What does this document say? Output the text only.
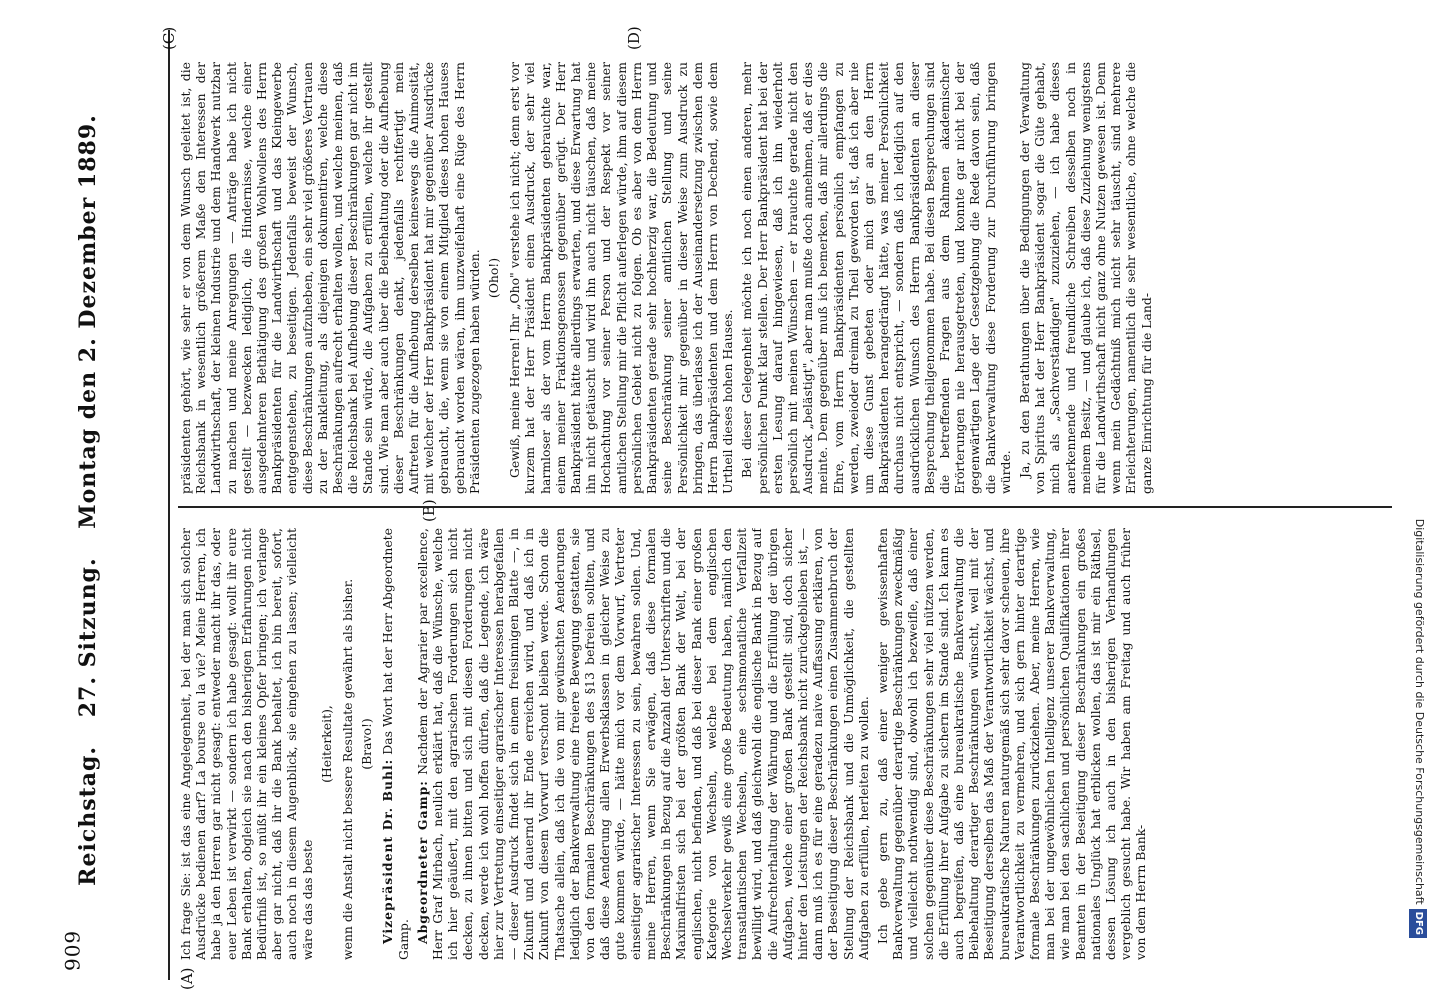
606
Reichstag. 27. Sitzung. Montag den 2. Dezember 1889.
(A)
(B)
(C)	(D)

Ich frage Sie: ist das eine Angelegenheit, bei der man sich solcher Ausdrücke bedienen darf? La bourse ou la vie? Meine Herren, ich habe ja den Herren gar nicht gesagt: entweder macht ihr das, oder euer Leben ist verwirkt — sondern ich habe gesagt: wollt ihr eure Bank erhalten, obgleich sie nach den bisherigen Erfahrungen nicht Bedürfniß ist, so müßt ihr ein kleines Opfer bringen; ich verlange aber gar nicht, daß ihr die Bank behaltet, ich bin bereit, sofort, auch noch in diesem Augenblick, sie eingehen zu lassen; vielleicht wäre das das beste

(Heiterkeit), wenn die Anstalt nicht bessere Resultate gewährt als bisher. (Bravo!)

Vizepräsident Dr. Buhl: Das Wort hat der Herr Abgeordnete Gamp. Abgeordneter Gamp: Nachdem der Agrarier par excellence, Herr Graf Mirbach, neulich erklärt hat, daß die Wünsche, welche ich hier geäußert, mit den agrarischen Forderungen sich nicht decken, zu ihnen bitten und sich mit diesen Forderungen nicht decken, werde ich wohl hoffen dürfen, daß die Legende, ich wäre hier zur Vertretung einseitiger agrarischer Interessen herabgefallen — dieser Ausdruck findet sich in einem freisinnigen Blatte —, in Zukunft und dauernd ihr Ende erreichen wird, und daß ich in Zukunft von diesem Vorwurf verschont bleiben werde. Schon die Thatsache allein, daß ich die von mir gewünschten Aenderungen lediglich der Bankverwaltung eine freiere Bewegung gestatten, sie von den formalen Beschränkungen des §13 befreien sollten, und daß diese Aenderung allen Erwerbsklassen in gleicher Weise zu gute kommen würde, — hätte mich vor dem Vorwurf, Vertreter einseitiger agrarischer Interessen zu sein, bewahren sollen. Und, meine Herren, wenn Sie erwägen, daß diese formalen Beschränkungen in Bezug auf die Anzahl der Unterschriften und die Maximalfristen sich bei der größten Bank der Welt, bei der englischen, nicht befinden, und daß bei dieser Bank einer großen Kategorie von Wechseln, welche bei dem englischen Wechselverkehr gewiß eine große Bedeutung haben, nämlich den transatlantischen Wechseln, eine sechsmonatliche Verfallzeit bewilligt wird, und daß gleichwohl die englische Bank in Bezug auf die Aufrechterhaltung der Währung und die Erfüllung der übrigen Aufgaben, welche einer großen Bank gestellt sind, doch sicher hinter den Leistungen der Reichsbank nicht zurückgeblieben ist, — dann muß ich es für eine geradezu naive Auffassung erklären, von der Beseitigung dieser Beschränkungen einen Zusammenbruch der Stellung der Reichsbank und die Unmöglichkeit, die gestellten Aufgaben zu erfüllen, herleiten zu wollen. Ich gebe gern zu, daß einer weniger gewissenhaften Bankverwaltung gegenüber derartige Beschränkungen zweckmäßig und vielleicht nothwendig sind, obwohl ich bezweifle, daß einer solchen gegenüber diese Beschränkungen sehr viel nützen werden, die Erfüllung ihrer Aufgabe zu sichern im Stande sind. Ich kann es auch begreifen, daß eine bureaukratische Bankverwaltung die Beibehaltung derartiger Beschränkungen wünscht, weil mit der Beseitigung derselben das Maß der Verantwortlichkeit wächst, und bureaukratische Naturen naturgemäß sich sehr davor scheuen, ihre Verantwortlichkeit zu vermehren, und sich gern hinter derartige formale Beschränkungen zurückziehen. Aber, meine Herren, wie man bei der ungewöhnlichen Intelligenz unserer Bankverwaltung, wie man bei den sachlichen und persönlichen Qualifikationen ihrer Beamten in der Beseitigung dieser Beschränkungen ein großes nationales Unglück hat erblicken wollen, das ist mir ein Räthsel, dessen Lösung ich auch in den bisherigen Verhandlungen vergeblich gesucht habe. Wir haben am Freitag und auch früher von dem Herrn Bank-

präsidenten gehört, wie sehr er von dem Wunsch geleitet ist, die Reichsbank in wesentlich größerem Maße den Interessen der Landwirthschaft, der kleinen Industrie und dem Handwerk nutzbar zu machen und meine Anregungen — Anträge habe ich nicht gestellt — bezwecken lediglich, die Hindernisse, welche einer ausgedehnteren Bethätigung des großen Wohlwollens des Herrn Bankpräsidenten für die Landwirthschaft und das Kleingewerbe entgegenstehen, zu beseitigen. Jedenfalls beweist der Wunsch, diese Beschränkungen aufzuheben, ein sehr viel größeres Vertrauen zu der Bankleitung, als diejenigen dokumentiren, welche diese Beschränkungen aufrecht erhalten wollen, und welche meinen, daß die Reichsbank bei Aufhebung dieser Beschränkungen gar nicht im Stande sein würde, die Aufgaben zu erfüllen, welche ihr gestellt sind. Wie man aber auch über die Beibehaltung oder die Aufhebung dieser Beschränkungen denkt, jedenfalls rechtfertigt mein Auftreten für die Aufhebung derselben keineswegs die Animosität, mit welcher der Herr Bankpräsident hat mir gegenüber Ausdrücke gebraucht, die, wenn sie von einem Mitglied dieses hohen Hauses gebraucht worden wären, ihm unzweifelhaft eine Rüge des Herrn Präsidenten zugezogen haben würden. (Oho!) Gewiß, meine Herren! Ihr „Oho" verstehe ich nicht; denn erst vor kurzem hat der Herr Präsident einen Ausdruck, der sehr viel harmloser als der vom Herrn Bankpräsidenten gebrauchte war, einem meiner Fraktionsgenossen gegenüber gerügt. Der Herr Bankpräsident hätte allerdings erwarten, und diese Erwartung hat ihn nicht getäuscht und wird ihn auch nicht täuschen, daß meine Hochachtung vor seiner Person und der Respekt vor seiner amtlichen Stellung mir die Pflicht auferlegen würde, ihm auf diesem persönlichen Gebiet nicht zu folgen. Ob es aber von dem Herrn Bankpräsidenten gerade sehr hochherzig war, die Bedeutung und seine Beschränkung seiner amtlichen Stellung und seine Persönlichkeit mir gegenüber in dieser Weise zum Ausdruck zu bringen, das überlasse ich der Auseinandersetzung zwischen dem Herrn Bankpräsidenten und dem Herrn von Dechend, sowie dem Urtheil dieses hohen Hauses. Bei dieser Gelegenheit möchte ich noch einen anderen, mehr persönlichen Punkt klar stellen. Der Herr Bankpräsident hat bei der ersten Lesung darauf hingewiesen, daß ich ihn wiederholt persönlich mit meinen Wünschen — er brauchte gerade nicht den Ausdruck „belästigt", aber man mußte doch annehmen, daß er dies meinte. Dem gegenüber muß ich bemerken, daß mir allerdings die Ehre, vom Herrn Bankpräsidenten persönlich empfangen zu werden, zweioder dreimal zu Theil geworden ist, daß ich aber nie um diese Gunst gebeten oder mich gar an den Herrn Bankpräsidenten herangedrängt hätte, was meiner Persönlichkeit durchaus nicht entspricht, — sondern daß ich lediglich auf den ausdrücklichen Wunsch des Herrn Bankpräsidenten an dieser Besprechung theilgenommen habe. Bei diesen Besprechungen sind die betreffenden Fragen aus dem Rahmen akademischer Erörterungen nie herausgetreten, und konnte gar nicht bei der gegenwärtigen Lage der Gesetzgebung die Rede davon sein, daß die Bankverwaltung diese Forderung zur Durchführung bringen würde. Ja, zu den Berathungen über die Bedingungen der Verwaltung von Spiritus hat der Herr Bankpräsident sogar die Güte gehabt, mich als „Sachverständigen" zuzuziehen, — ich habe dieses anerkennende und freundliche Schreiben desselben noch in meinem Besitz, — und glaube ich, daß diese Zuziehung wenigstens für die Landwirthschaft nicht ganz ohne Nutzen gewesen ist. Denn wenn mein Gedächtniß mich nicht sehr täuscht, sind mehrere Erleichterungen, namentlich die sehr wesentliche, ohne welche die ganze Einrichtung für die Land-

Digitalisierung gefördert durch die Deutsche ForschungsgemeinschaftDFG
